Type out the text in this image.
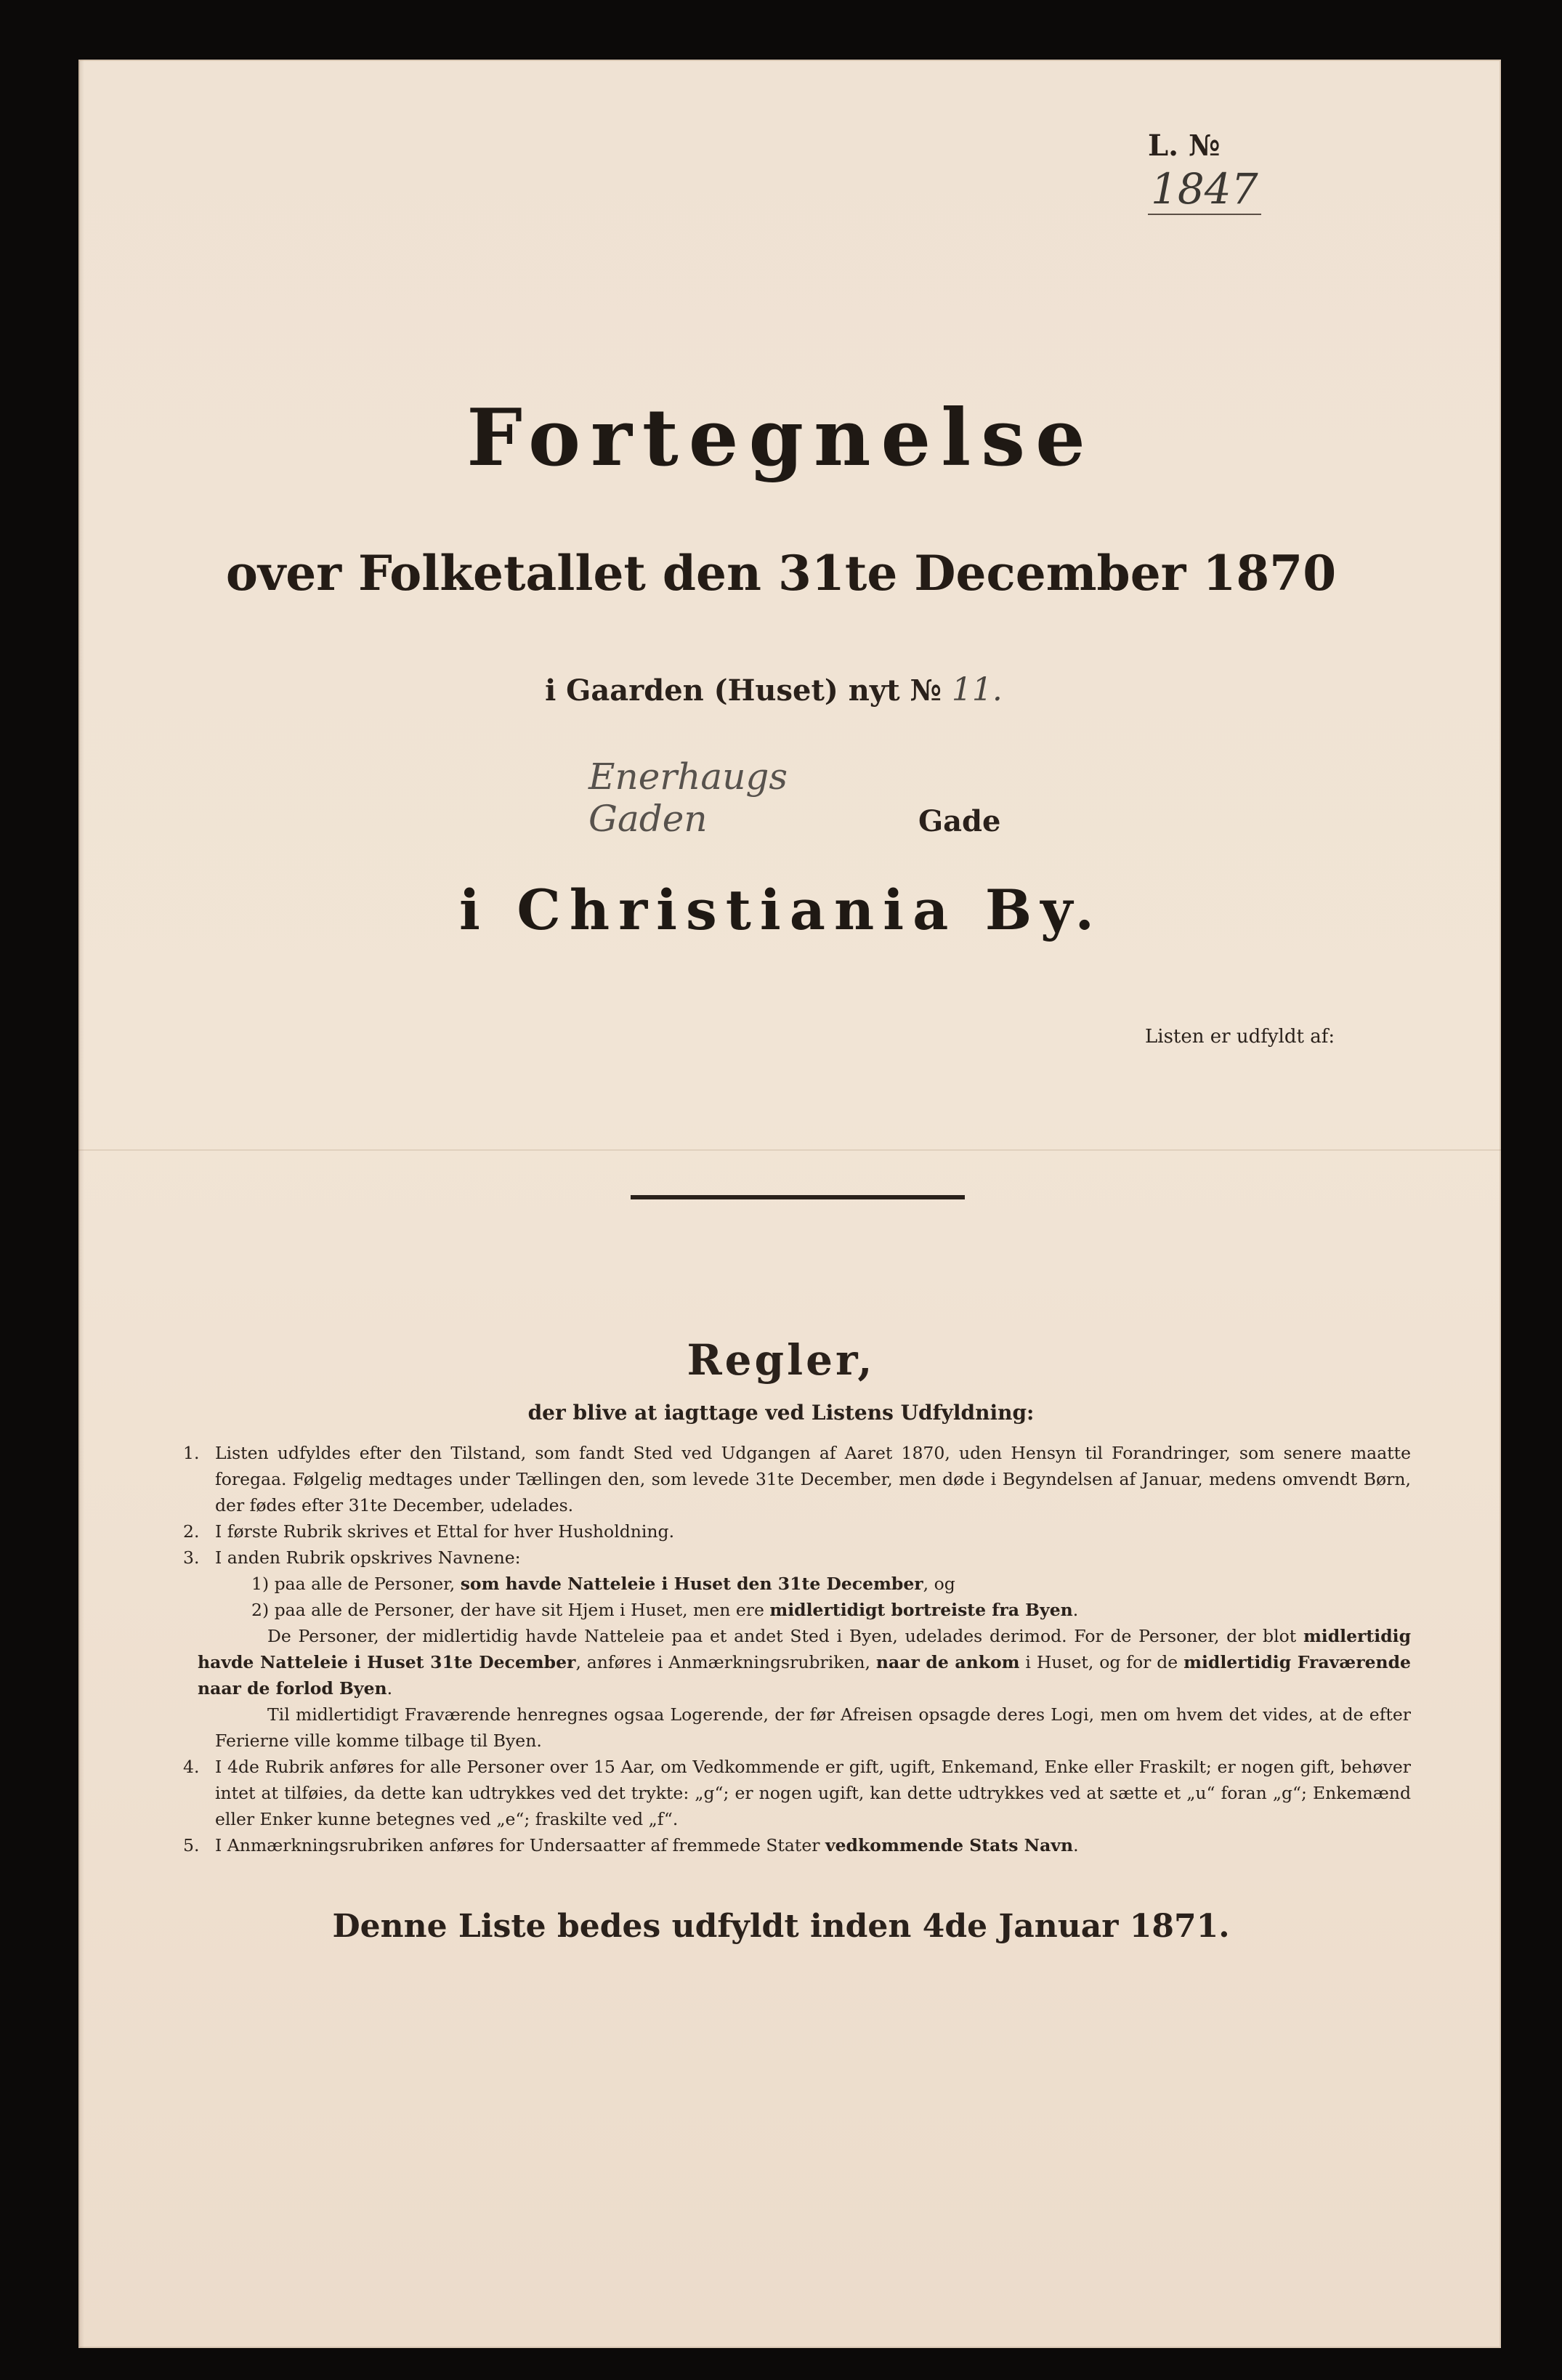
L. № 1847
Fortegnelse
over Folketallet den 31te December 1870
i Gaarden (Huset) nyt № 11.
Enerhaugs Gaden	Gade
i Christiania By.
Listen er udfyldt af:
Regler,
der blive at iagttage ved Listens Udfyldning:
1. Listen udfyldes efter den Tilstand, som fandt Sted ved Udgangen af Aaret 1870, uden Hensyn til Forandringer, som senere maatte foregaa. Følgelig medtages under Tællingen den, som levede 31te December, men døde i Begyndelsen af Januar, medens omvendt Børn, der fødes efter 31te December, udelades.
2. I første Rubrik skrives et Ettal for hver Husholdning.
3. I anden Rubrik opskrives Navnene:
1) paa alle de Personer, som havde Natteleie i Huset den 31te December, og
2) paa alle de Personer, der have sit Hjem i Huset, men ere midlertidigt bortreiste fra Byen.
De Personer, der midlertidig havde Natteleie paa et andet Sted i Byen, udelades derimod. For de Personer, der blot midlertidig havde Natteleie i Huset 31te December, anføres i Anmærkningsrubriken, naar de ankom i Huset, og for de midlertidig Fraværende naar de forlod Byen.
Til midlertidigt Fraværende henregnes ogsaa Logerende, der før Afreisen opsagde deres Logi, men om hvem det vides, at de efter Ferierne ville komme tilbage til Byen.
4. I 4de Rubrik anføres for alle Personer over 15 Aar, om Vedkommende er gift, ugift, Enkemand, Enke eller Fraskilt; er nogen gift, behøver intet at tilføies, da dette kan udtrykkes ved det trykte: „g“; er nogen ugift, kan dette udtrykkes ved at sætte et „u“ foran „g“; Enkemænd eller Enker kunne betegnes ved „e“; fraskilte ved „f“.
5. I Anmærkningsrubriken anføres for Undersaatter af fremmede Stater vedkommende Stats Navn.
Denne Liste bedes udfyldt inden 4de Januar 1871.
